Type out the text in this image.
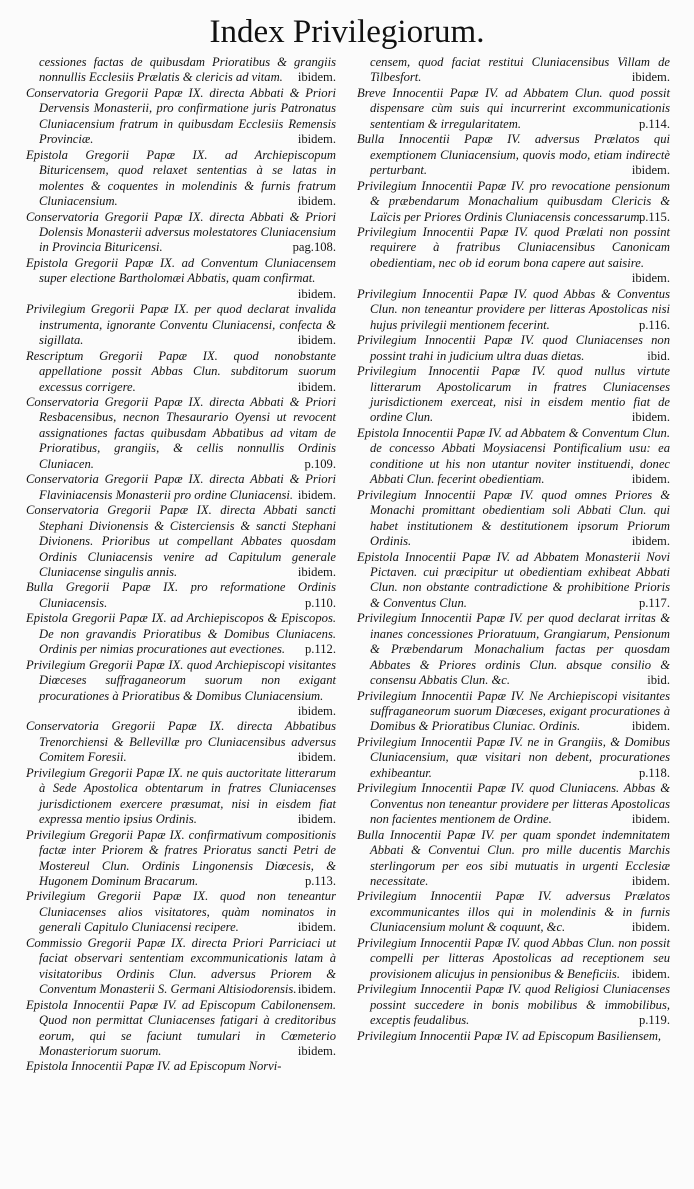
Index Privilegiorum.
cessiones factas de quibusdam Prioratibus & grangiis nonnullis Ecclesiis Prælatis & clericis ad vitam.	ibidem.
Conservatoria Gregorii Papæ IX. directa Abbati & Priori Dervensis Monasterii, pro confirmatione juris Patronatus Cluniacensium fratrum in quibusdam Ecclesiis Remensis Provinciæ.	ibidem.
Epistola Gregorii Papæ IX. ad Archiepiscopum Bituricensem, quod relaxet sententias à se latas in molentes & coquentes in molendinis & furnis fratrum Cluniacensium.	ibidem.
Conservatoria Gregorii Papæ IX. directa Abbati & Priori Dolensis Monasterii adversus molestatores Cluniacensium in Provincia Bituricensi.	pag.108.
Epistola Gregorii Papæ IX. ad Conventum Cluniacensem super electione Bartholomæi Abbatis, quam confirmat.
ibidem.
Privilegium Gregorii Papæ IX. per quod declarat invalida instrumenta, ignorante Conventu Cluniacensi, confecta & sigillata.	ibidem.
Rescriptum Gregorii Papæ IX. quod nonobstante appellatione possit Abbas Clun. subditorum suorum excessus corrigere.	ibidem.
Conservatoria Gregorii Papæ IX. directa Abbati & Priori Resbacensibus, necnon Thesaurario Oyensi ut revocent assignationes factas quibusdam Abbatibus ad vitam de Prioratibus, grangiis, & cellis nonnullis Ordinis Cluniacen.	p.109.
Conservatoria Gregorii Papæ IX. directa Abbati & Priori Flaviniacensis Monasterii pro ordine Cluniacensi. ibidem.
Conservatoria Gregorii Papæ IX. directa Abbati sancti Stephani Divionensis & Cisterciensis & sancti Stephani Divionens. Prioribus ut compellant Abbates quosdam Ordinis Cluniacensis venire ad Capitulum generale Cluniacense singulis annis.	ibidem.
Bulla Gregorii Papæ IX. pro reformatione Ordinis Cluniacensis.	p.110.
Epistola Gregorii Papæ IX. ad Archiepiscopos & Episcopos. De non gravandis Prioratibus & Domibus Cluniacens. Ordinis per nimias procurationes aut evectiones. p.112.
Privilegium Gregorii Papæ IX. quod Archiepiscopi visitantes Diœceses suffraganeorum suorum non exigant procurationes à Prioratibus & Domibus Cluniacensium.
ibidem.
Conservatoria Gregorii Papæ IX. directa Abbatibus Trenorchiensi & Bellevillæ pro Cluniacensibus adversus Comitem Foresii.	ibidem.
Privilegium Gregorii Papæ IX. ne quis auctoritate litterarum à Sede Apostolica obtentarum in fratres Cluniacenses jurisdictionem exercere præsumat, nisi in eisdem fiat expressa mentio ipsius Ordinis.	ibidem.
Privilegium Gregorii Papæ IX. confirmativum compositionis factæ inter Priorem & fratres Prioratus sancti Petri de Mostereul Clun. Ordinis Lingonensis Diœcesis, & Hugonem Dominum Bracarum.	p.113.
Privilegium Gregorii Papæ IX. quod non teneantur Cluniacenses alios visitatores, quàm nominatos in generali Capitulo Cluniacensi recipere.	ibidem.
Commissio Gregorii Papæ IX. directa Priori Parriciaci ut faciat observari sententiam excommunicationis latam à visitatoribus Ordinis Clun. adversus Priorem & Conventum Monasterii S. Germani Altisiodorensis. ibidem.
Epistola Innocentii Papæ IV. ad Episcopum Cabilonensem. Quod non permittat Cluniacenses fatigari à creditoribus eorum, qui se faciunt tumulari in Cœmeterio Monasteriorum suorum.	ibidem.
Epistola Innocentii Papæ IV. ad Episcopum Norvi-
censem, quod faciat restitui Cluniacensibus Villam de Tilbesfort.	ibidem.
Breve Innocentii Papæ IV. ad Abbatem Clun. quod possit dispensare cùm suis qui incurrerint excommunicationis sententiam & irregularitatem.	p.114.
Bulla Innocentii Papæ IV. adversus Prælatos qui exemptionem Cluniacensium, quovis modo, etiam indirectè perturbant.	ibidem.
Privilegium Innocentii Papæ IV. pro revocatione pensionum & præbendarum Monachalium quibusdam Clericis & Laïcis per Priores Ordinis Cluniacensis concessarum.
p.115.
Privilegium Innocentii Papæ IV. quod Prælati non possint requirere à fratribus Cluniacensibus Canonicam obedientiam, nec ob id eorum bona capere aut saisire.
ibidem.
Privilegium Innocentii Papæ IV. quod Abbas & Conventus Clun. non teneantur providere per litteras Apostolicas nisi hujus privilegii mentionem fecerint.	p.116.
Privilegium Innocentii Papæ IV. quod Cluniacenses non possint trahi in judicium ultra duas dietas.	ibid.
Privilegium Innocentii Papæ IV. quod nullus virtute litterarum Apostolicarum in fratres Cluniacenses jurisdictionem exerceat, nisi in eisdem mentio fiat de ordine Clun.	ibidem.
Epistola Innocentii Papæ IV. ad Abbatem & Conventum Clun. de concesso Abbati Moysiacensi Pontificalium usu: ea conditione ut his non utantur noviter instituendi, donec Abbati Clun. fecerint obedientiam.	ibidem.
Privilegium Innocentii Papæ IV. quod omnes Priores & Monachi promittant obedientiam soli Abbati Clun. qui habet institutionem & destitutionem ipsorum Priorum Ordinis.	ibidem.
Epistola Innocentii Papæ IV. ad Abbatem Monasterii Novi Pictaven. cui præcipitur ut obedientiam exhibeat Abbati Clun. non obstante contradictione & prohibitione Prioris & Conventus Clun.	p.117.
Privilegium Innocentii Papæ IV. per quod declarat irritas & inanes concessiones Prioratuum, Grangiarum, Pensionum & Præbendarum Monachalium factas per quosdam Abbates & Priores ordinis Clun. absque consilio & consensu Abbatis Clun. &c.	ibid.
Privilegium Innocentii Papæ IV. Ne Archiepiscopi visitantes suffraganeorum suorum Diœceses, exigant procurationes à Domibus & Prioratibus Cluniac. Ordinis.	ibidem.
Privilegium Innocentii Papæ IV. ne in Grangiis, & Domibus Cluniacensium, quæ visitari non debent, procurationes exhibeantur.	p.118.
Privilegium Innocentii Papæ IV. quod Cluniacens. Abbas & Conventus non teneantur providere per litteras Apostolicas non facientes mentionem de Ordine.	ibidem.
Bulla Innocentii Papæ IV. per quam spondet indemnitatem Abbati & Conventui Clun. pro mille ducentis Marchis sterlingorum per eos sibi mutuatis in urgenti Ecclesiæ necessitate.	ibidem.
Privilegium Innocentii Papæ IV. adversus Prælatos excommunicantes illos qui in molendinis & in furnis Cluniacensium molunt & coquunt, &c.	ibidem.
Privilegium Innocentii Papæ IV. quod Abbas Clun. non possit compelli per litteras Apostolicas ad receptionem seu provisionem alicujus in pensionibus & Beneficiis. ibidem.
Privilegium Innocentii Papæ IV. quod Religiosi Cluniacenses possint succedere in bonis mobilibus & immobilibus, exceptis feudalibus.	p.119.
Privilegium Innocentii Papæ IV. ad Episcopum Basiliensem,
